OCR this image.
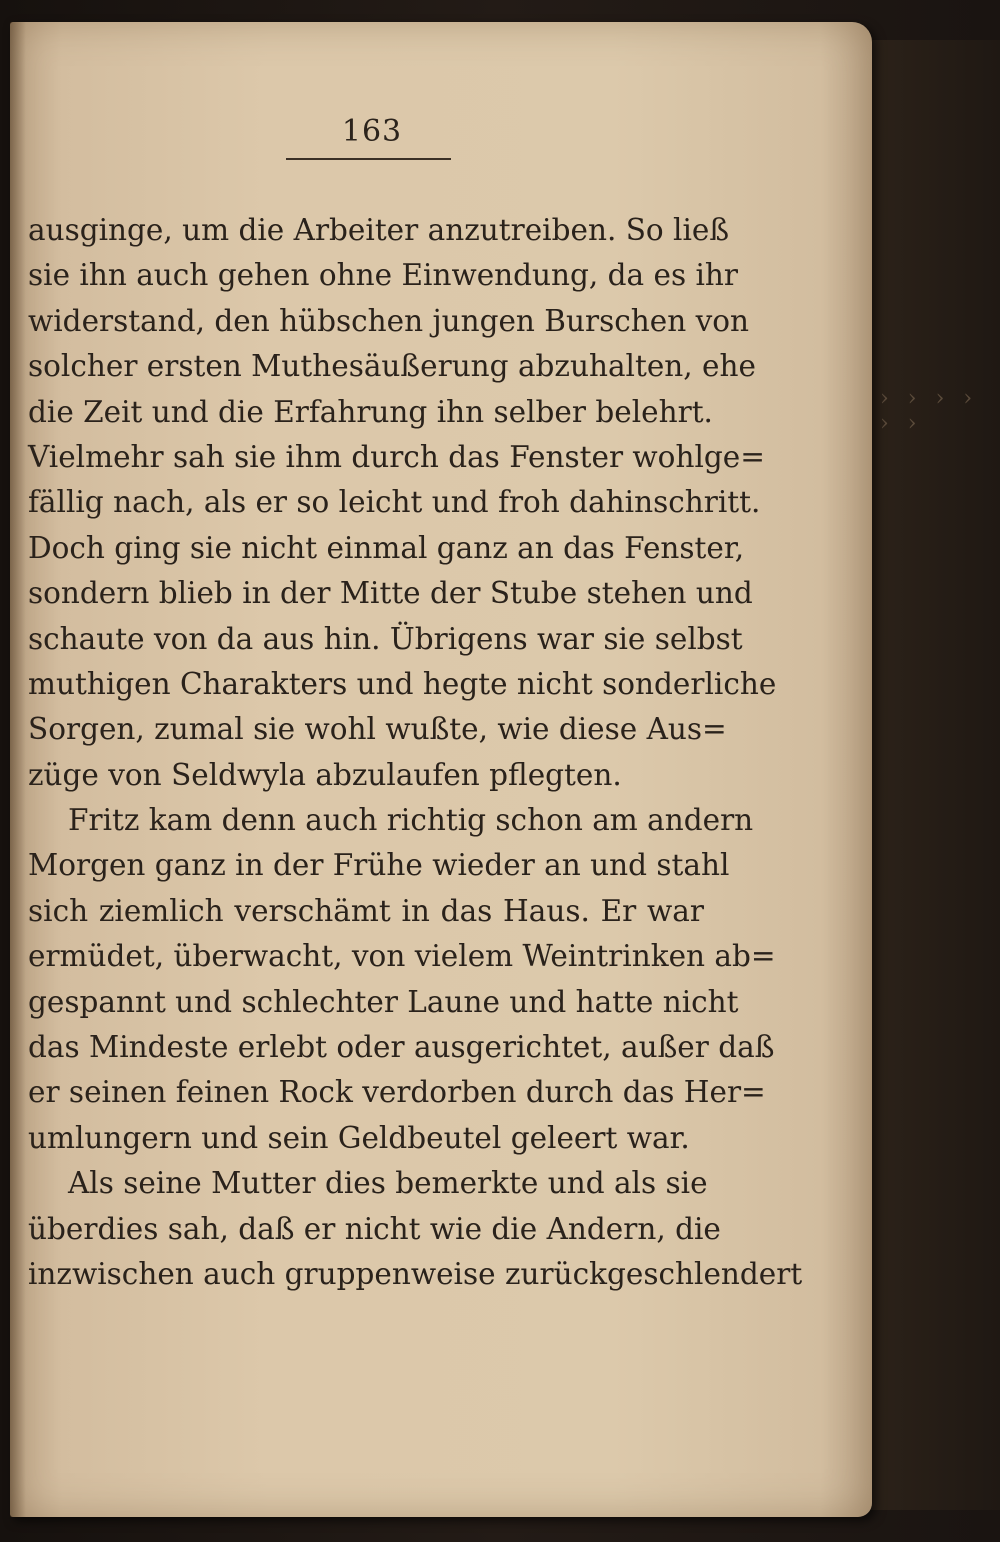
› › › › › ›
163
ausginge, um die Arbeiter anzutreiben. So ließ
sie ihn auch gehen ohne Einwendung, da es ihr
widerstand, den hübschen jungen Burschen von
solcher ersten Muthesäußerung abzuhalten, ehe
die Zeit und die Erfahrung ihn selber belehrt.
Vielmehr sah sie ihm durch das Fenster wohlge=
fällig nach, als er so leicht und froh dahinschritt.
Doch ging sie nicht einmal ganz an das Fenster,
sondern blieb in der Mitte der Stube stehen und
schaute von da aus hin. Übrigens war sie selbst
muthigen Charakters und hegte nicht sonderliche
Sorgen, zumal sie wohl wußte, wie diese Aus=
züge von Seldwyla abzulaufen pflegten.
Fritz kam denn auch richtig schon am andern
Morgen ganz in der Frühe wieder an und stahl
sich ziemlich verschämt in das Haus. Er war
ermüdet, überwacht, von vielem Weintrinken ab=
gespannt und schlechter Laune und hatte nicht
das Mindeste erlebt oder ausgerichtet, außer daß
er seinen feinen Rock verdorben durch das Her=
umlungern und sein Geldbeutel geleert war.
Als seine Mutter dies bemerkte und als sie
überdies sah, daß er nicht wie die Andern, die
inzwischen auch gruppenweise zurückgeschlendert
